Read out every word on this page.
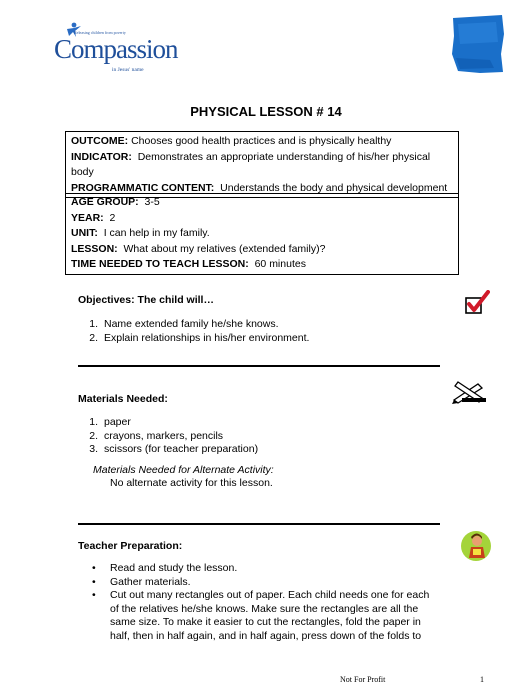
Releasing children from poverty
Compassion
in Jesus' name
PHYSICAL LESSON # 14
OUTCOME: Chooses good health practices and is physically healthy
INDICATOR: Demonstrates an appropriate understanding of his/her physical body
PROGRAMMATIC CONTENT: Understands the body and physical development
AGE GROUP: 3-5
YEAR: 2
UNIT: I can help in my family.
LESSON: What about my relatives (extended family)?
TIME NEEDED TO TEACH LESSON: 60 minutes
Objectives: The child will…
1. Name extended family he/she knows.
2. Explain relationships in his/her environment.
Materials Needed:
1. paper
2. crayons, markers, pencils
3. scissors (for teacher preparation)
Materials Needed for Alternate Activity:
No alternate activity for this lesson.
Teacher Preparation:
• Read and study the lesson.
• Gather materials.
• Cut out many rectangles out of paper. Each child needs one for each of the relatives he/she knows. Make sure the rectangles are all the same size. To make it easier to cut the rectangles, fold the paper in half, then in half again, and in half again, press down of the folds to
Not For Profit	1
